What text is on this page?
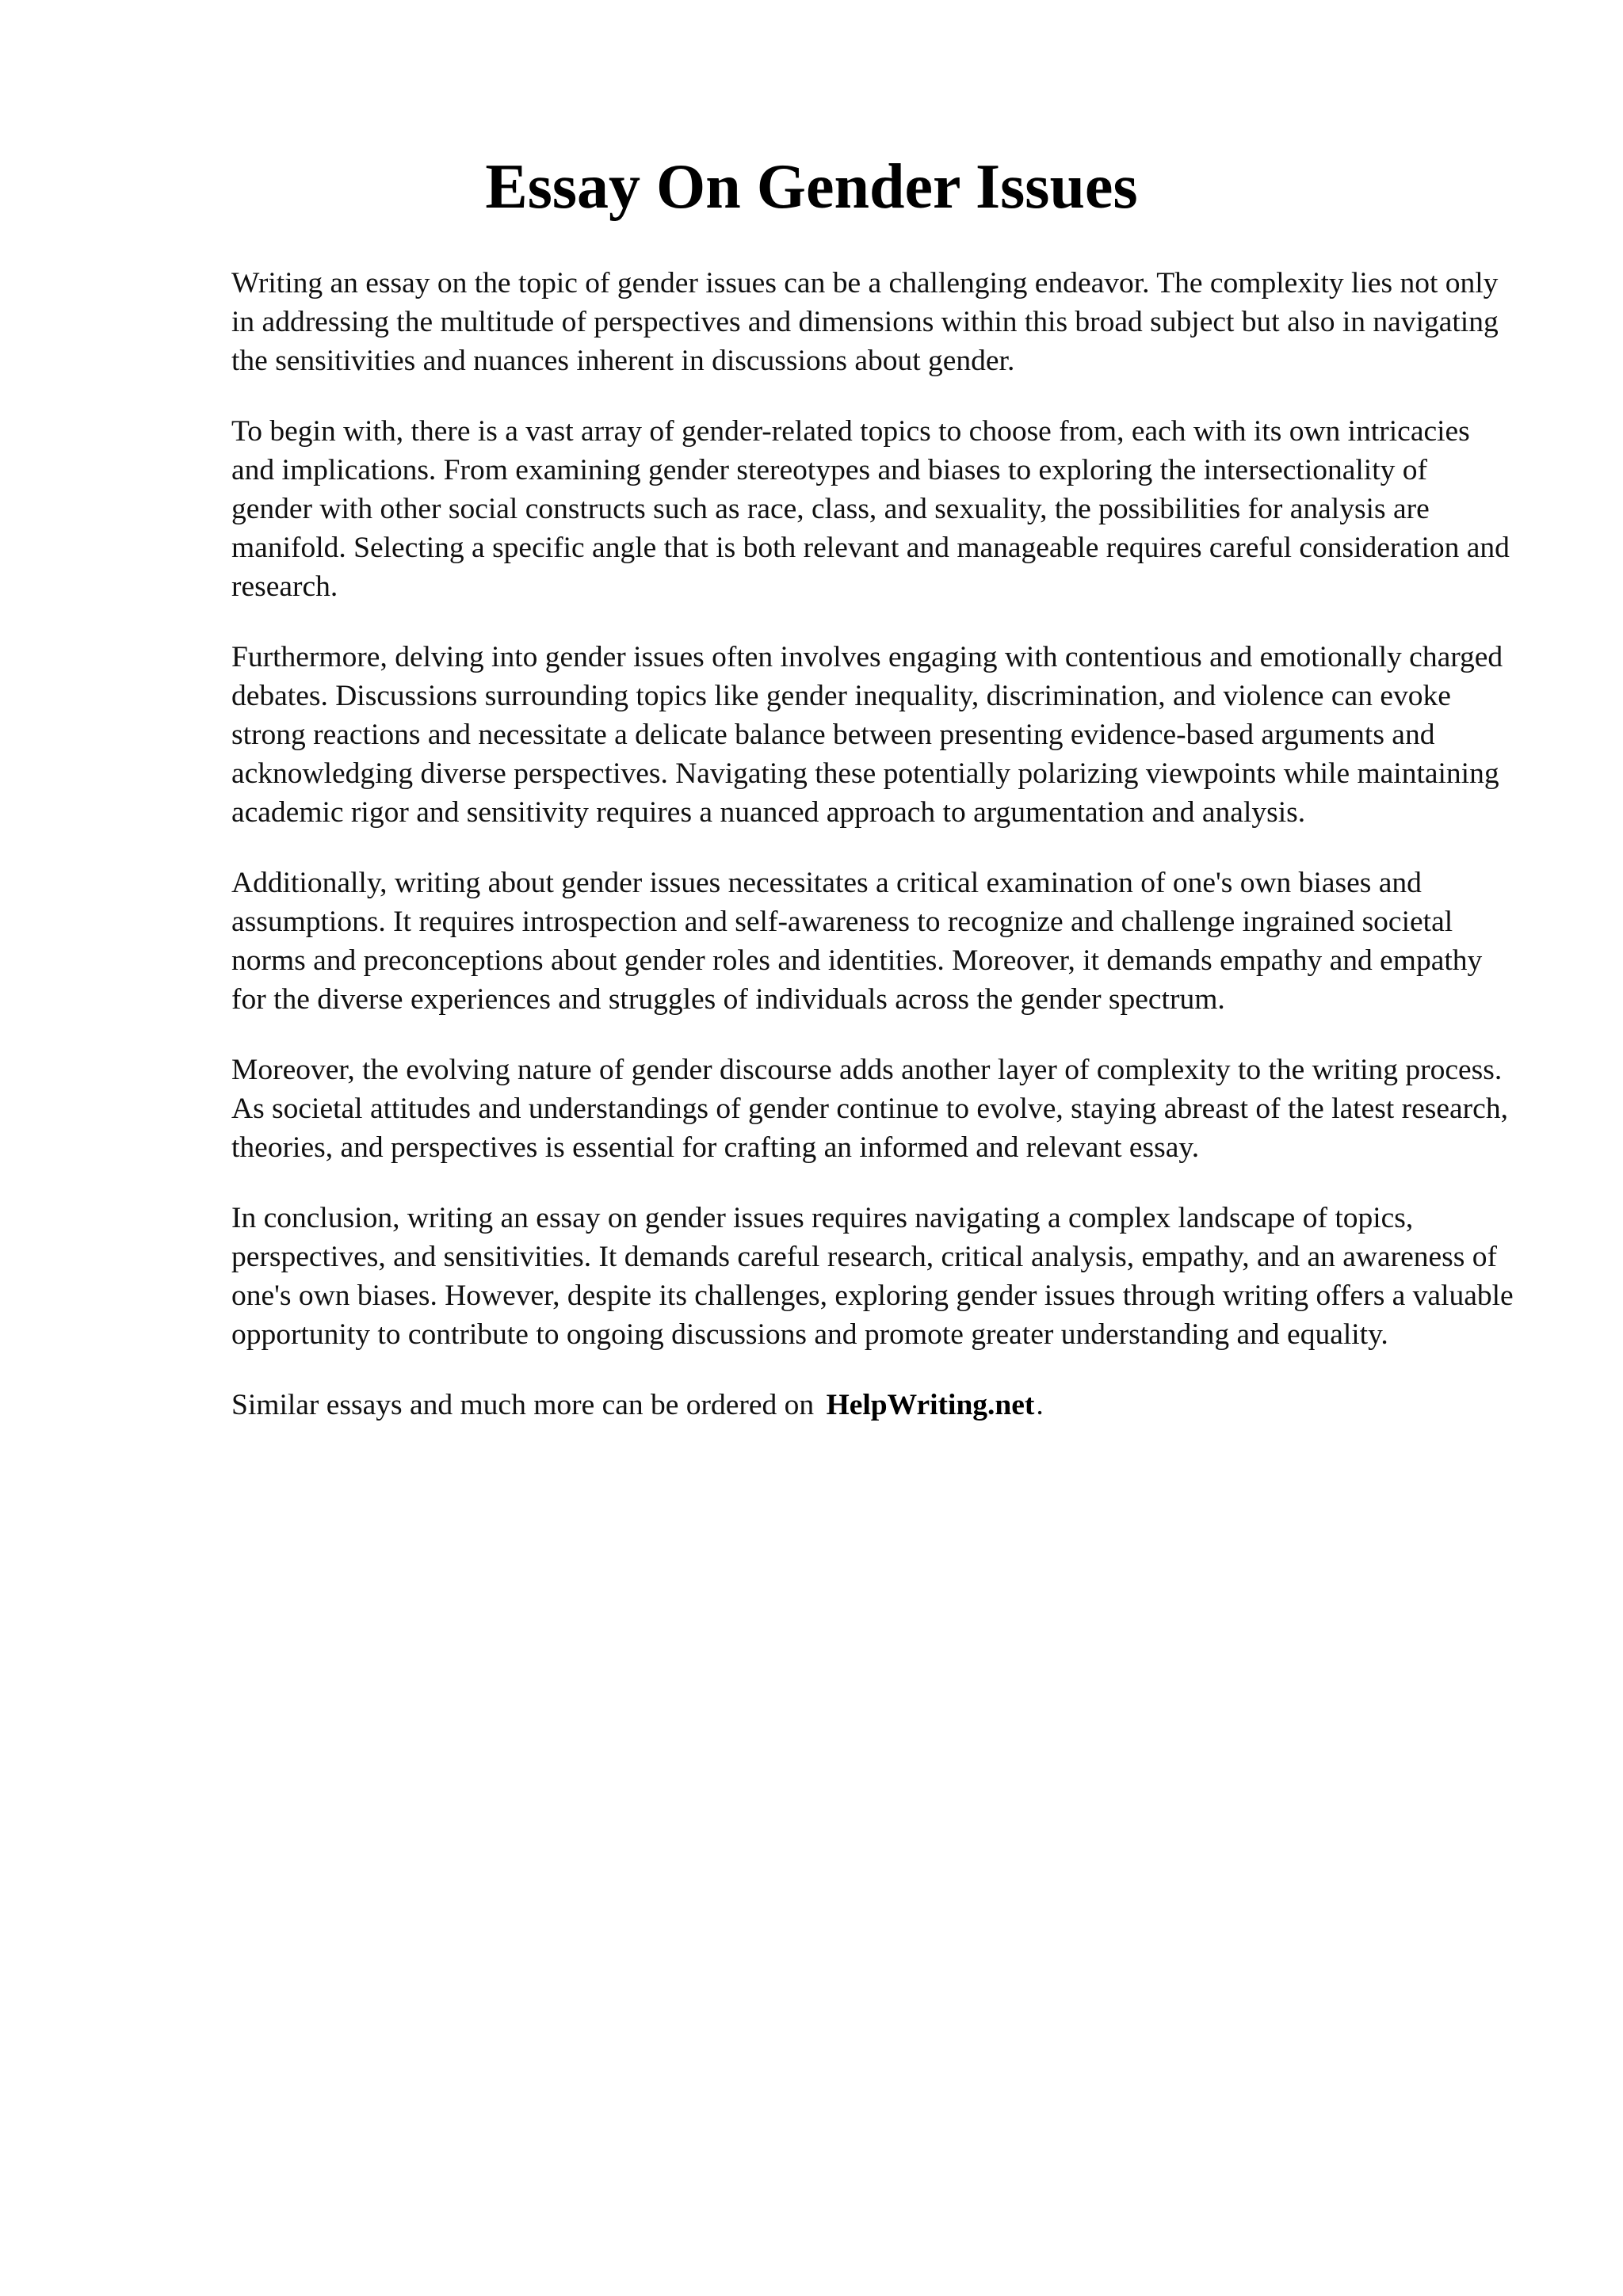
Essay On Gender Issues

Writing an essay on the topic of gender issues can be a challenging endeavor. The complexity lies not only in addressing the multitude of perspectives and dimensions within this broad subject but also in navigating the sensitivities and nuances inherent in discussions about gender.

To begin with, there is a vast array of gender-related topics to choose from, each with its own intricacies and implications. From examining gender stereotypes and biases to exploring the intersectionality of gender with other social constructs such as race, class, and sexuality, the possibilities for analysis are manifold. Selecting a specific angle that is both relevant and manageable requires careful consideration and research.

Furthermore, delving into gender issues often involves engaging with contentious and emotionally charged debates. Discussions surrounding topics like gender inequality, discrimination, and violence can evoke strong reactions and necessitate a delicate balance between presenting evidence-based arguments and acknowledging diverse perspectives. Navigating these potentially polarizing viewpoints while maintaining academic rigor and sensitivity requires a nuanced approach to argumentation and analysis.

Additionally, writing about gender issues necessitates a critical examination of one's own biases and assumptions. It requires introspection and self-awareness to recognize and challenge ingrained societal norms and preconceptions about gender roles and identities. Moreover, it demands empathy and empathy for the diverse experiences and struggles of individuals across the gender spectrum.

Moreover, the evolving nature of gender discourse adds another layer of complexity to the writing process. As societal attitudes and understandings of gender continue to evolve, staying abreast of the latest research, theories, and perspectives is essential for crafting an informed and relevant essay.

In conclusion, writing an essay on gender issues requires navigating a complex landscape of topics, perspectives, and sensitivities. It demands careful research, critical analysis, empathy, and an awareness of one's own biases. However, despite its challenges, exploring gender issues through writing offers a valuable opportunity to contribute to ongoing discussions and promote greater understanding and equality.

Similar essays and much more can be ordered on HelpWriting.net.
